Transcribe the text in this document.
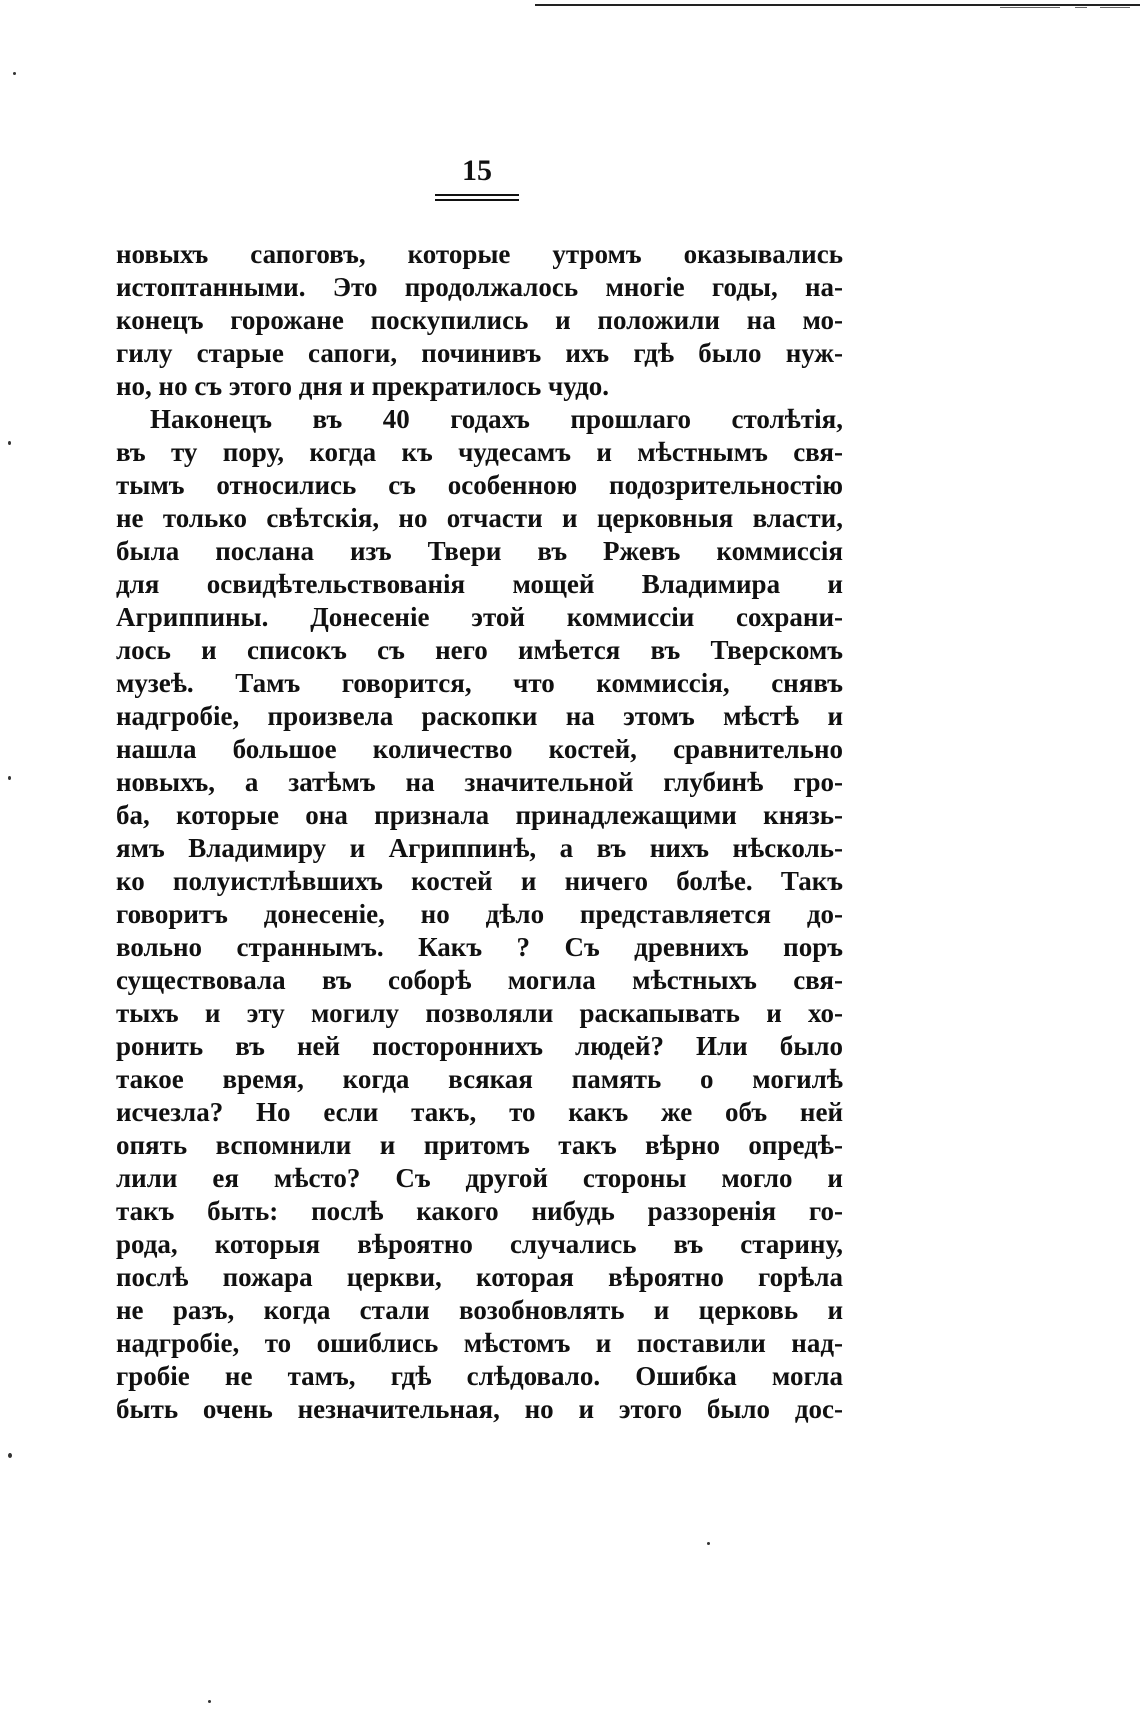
15
новыхъ сапоговъ, которые утромъ оказывались
истоптанными. Это продолжалось многіе годы, на-
конецъ горожане поскупились и положили на мо-
гилу старые сапоги, починивъ ихъ гдѣ было нуж-
но, но съ этого дня и прекратилось чудо.
Наконецъ въ 40 годахъ прошлаго столѣтія,
въ ту пору, когда къ чудесамъ и мѣстнымъ свя-
тымъ относились съ особенною подозрительностію
не только свѣтскія, но отчасти и церковныя власти,
была послана изъ Твери въ Ржевъ коммиссія
для освидѣтельствованія мощей Владимира и
Агриппины. Донесеніе этой коммиссіи сохрани-
лось и списокъ съ него имѣется въ Тверскомъ
музеѣ. Тамъ говорится, что коммиссія, снявъ
надгробіе, произвела раскопки на этомъ мѣстѣ и
нашла большое количество костей, сравнительно
новыхъ, а затѣмъ на значительной глубинѣ гро-
ба, которые она признала принадлежащими князь-
ямъ Владимиру и Агриппинѣ, а въ нихъ нѣсколь-
ко полуистлѣвшихъ костей и ничего болѣе. Такъ
говоритъ донесеніе, но дѣло представляется до-
вольно страннымъ. Какъ ? Съ древнихъ поръ
существовала въ соборѣ могила мѣстныхъ свя-
тыхъ и эту могилу позволяли раскапывать и хо-
ронить въ ней постороннихъ людей? Или было
такое время, когда всякая память о могилѣ
исчезла? Но если такъ, то какъ же объ ней
опять вспомнили и притомъ такъ вѣрно опредѣ-
лили ея мѣсто? Съ другой стороны могло и
такъ быть: послѣ какого нибудь раззоренія го-
рода, которыя вѣроятно случались въ старину,
послѣ пожара церкви, которая вѣроятно горѣла
не разъ, когда стали возобновлять и церковь и
надгробіе, то ошиблись мѣстомъ и поставили над-
гробіе не тамъ, гдѣ слѣдовало. Ошибка могла
быть очень незначительная, но и этого было дос-
